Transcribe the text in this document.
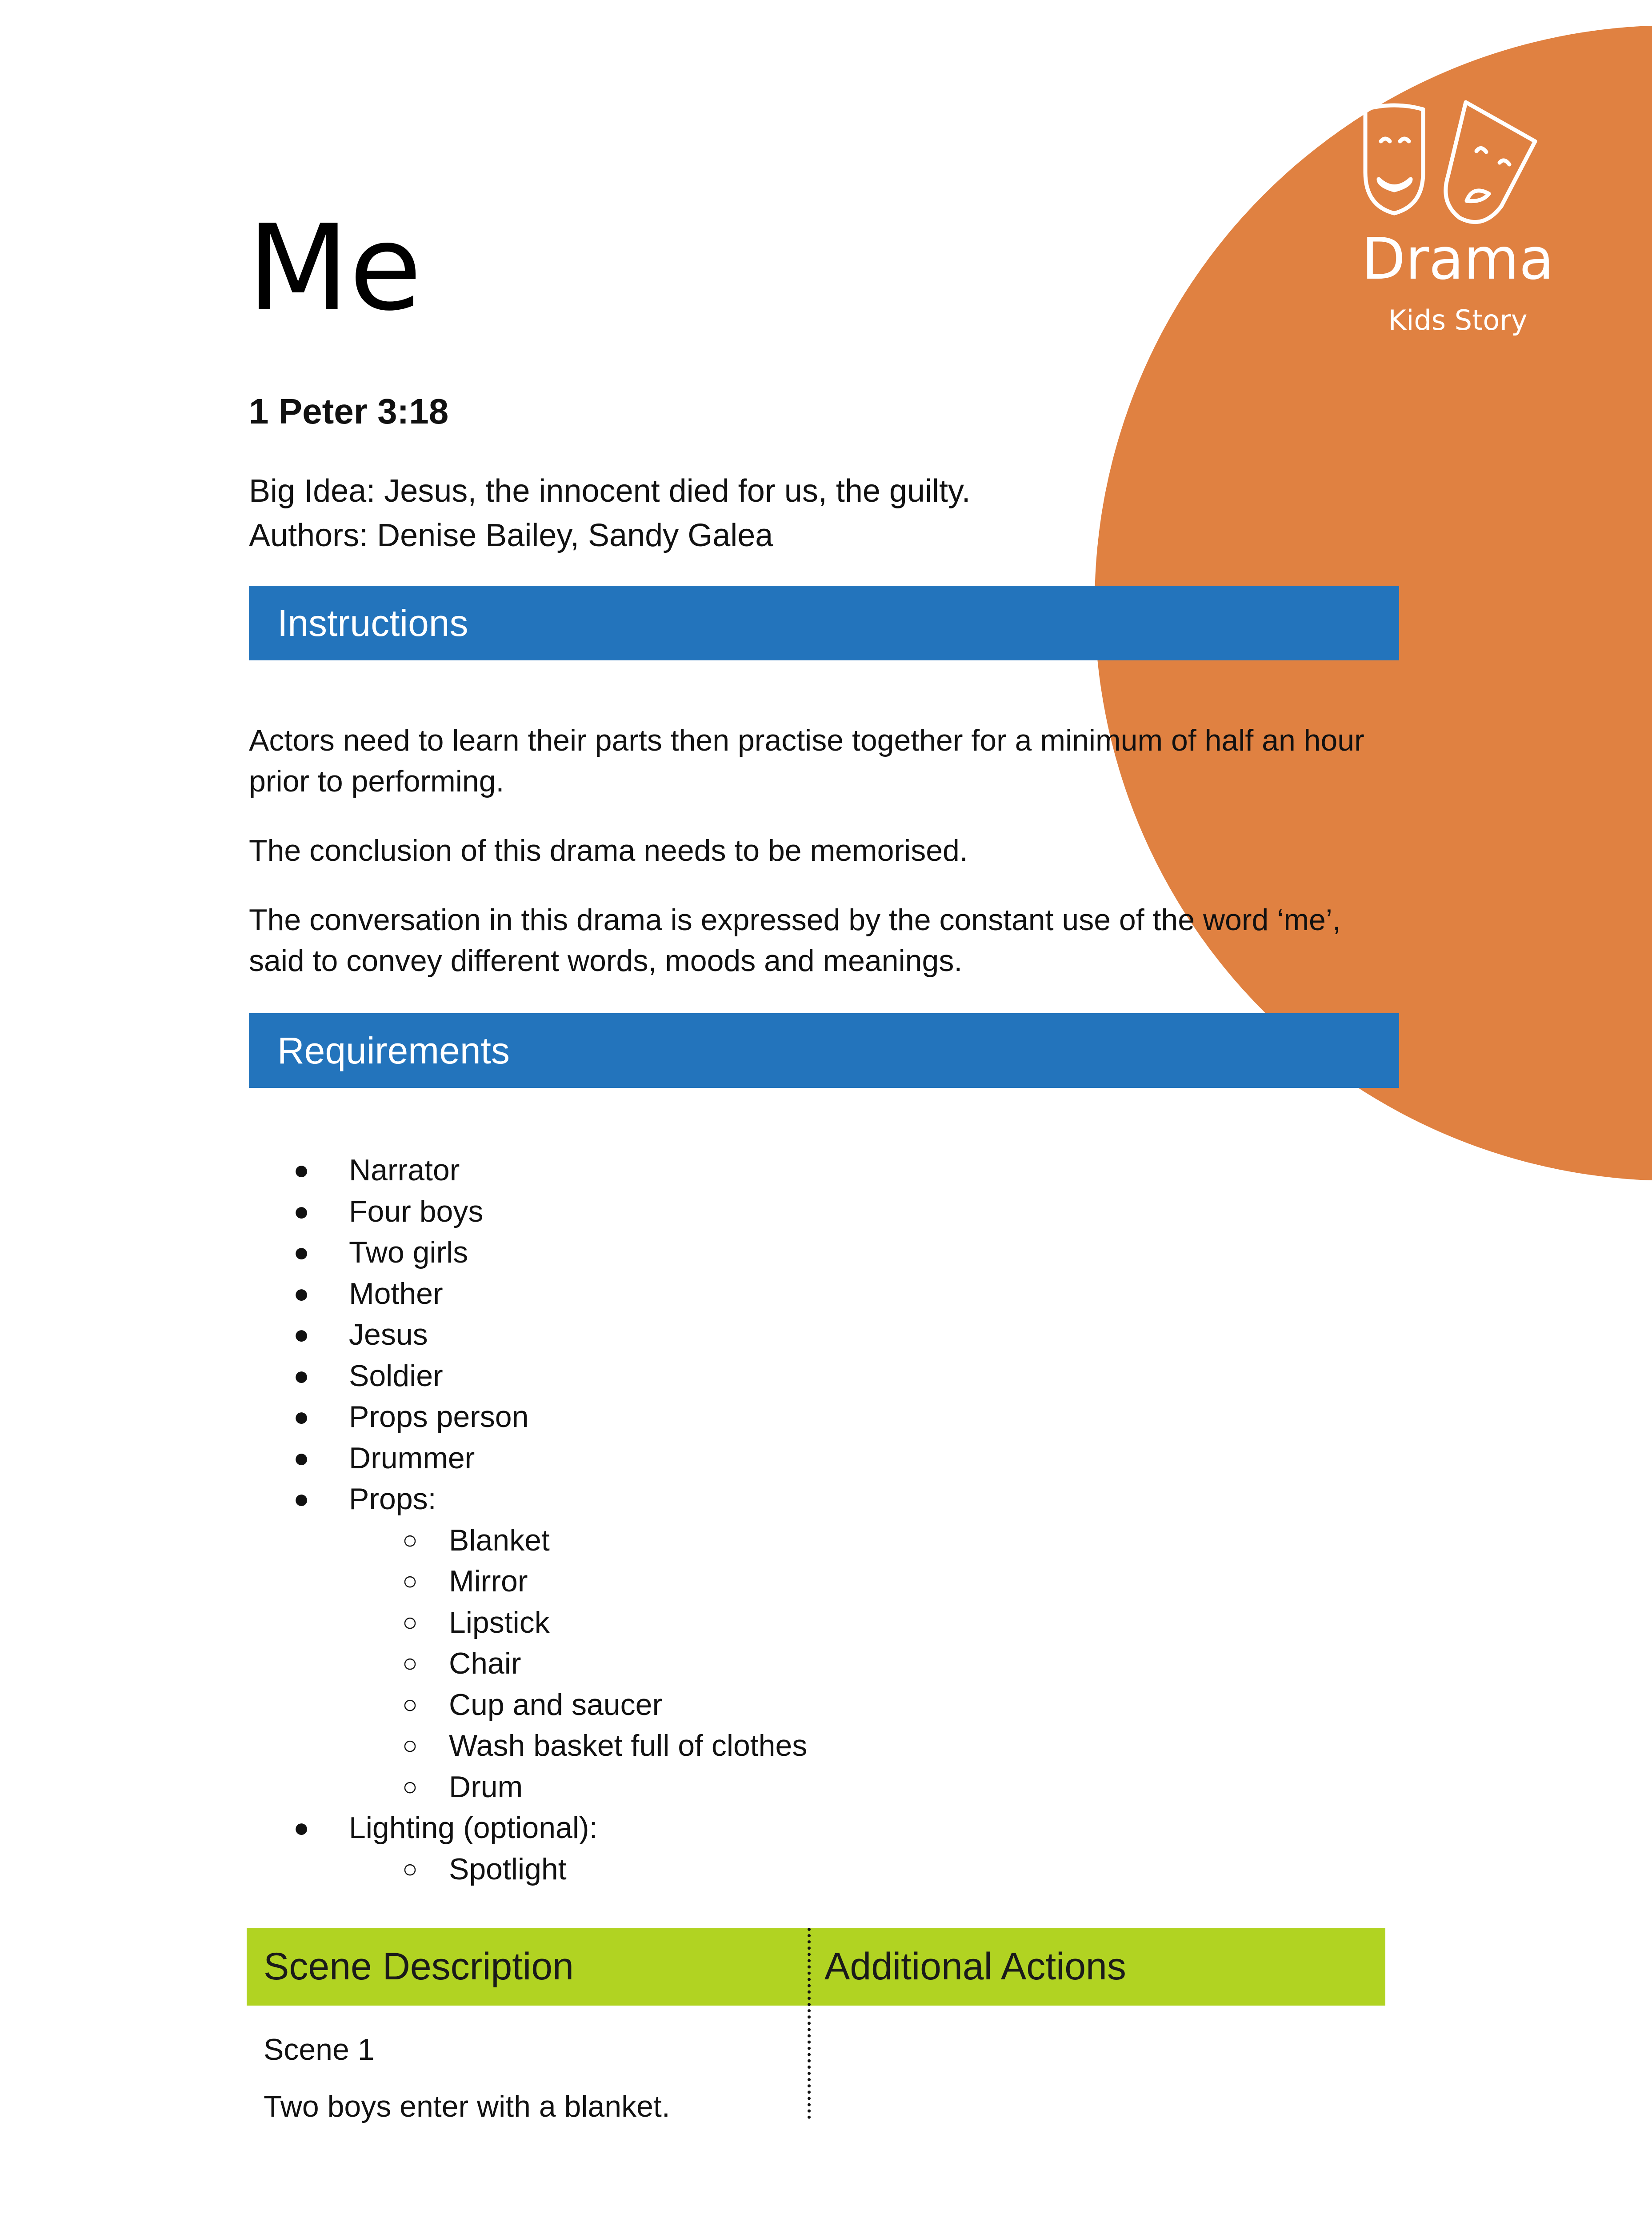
Drama
Kids Story
Me
1 Peter 3:18

Big Idea: Jesus, the innocent died for us, the guilty.

Authors: Denise Bailey, Sandy Galea

Instructions

Actors need to learn their parts then practise together for a minimum of half an hour prior to performing.

The conclusion of this drama needs to be memorised.

The conversation in this drama is expressed by the constant use of the word ‘me’, said to convey different words, moods and meanings.

Requirements
● Narrator
● Four boys
● Two girls
● Mother
● Jesus
● Soldier
● Props person
● Drummer
● Props:
○ Blanket
○ Mirror
○ Lipstick
○ Chair
○ Cup and saucer
○ Wash basket full of clothes
○ Drum
● Lighting (optional):
○ Spotlight
Scene Description	Additional Actions

Scene 1

Two boys enter with a blanket.
